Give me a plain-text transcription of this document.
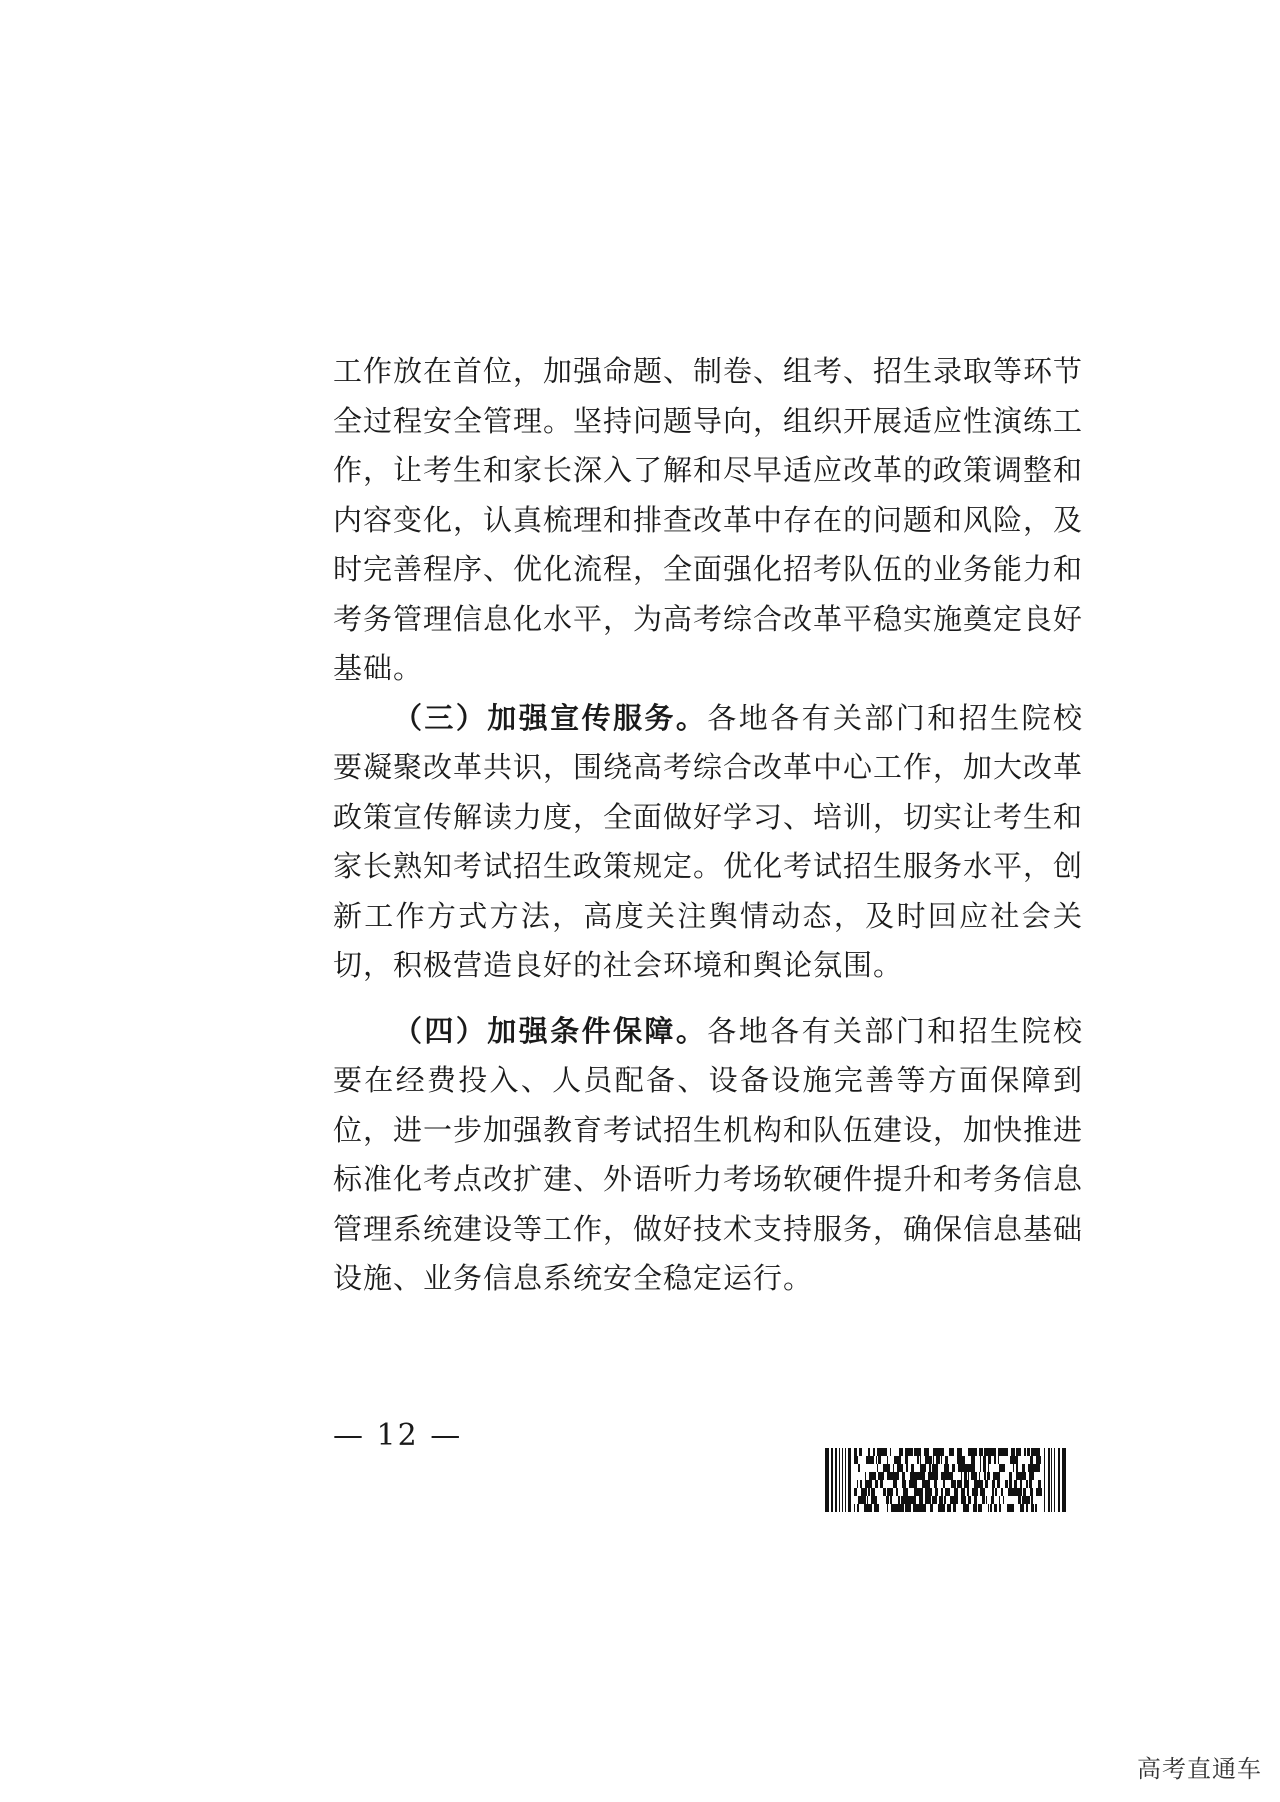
工作放在首位，加强命题、制卷、组考、招生录取等环节全过程安全管理。坚持问题导向，组织开展适应性演练工作，让考生和家长深入了解和尽早适应改革的政策调整和内容变化，认真梳理和排查改革中存在的问题和风险，及时完善程序、优化流程，全面强化招考队伍的业务能力和考务管理信息化水平，为高考综合改革平稳实施奠定良好基础。

（三）加强宣传服务。各地各有关部门和招生院校要凝聚改革共识，围绕高考综合改革中心工作，加大改革政策宣传解读力度，全面做好学习、培训，切实让考生和家长熟知考试招生政策规定。优化考试招生服务水平，创新工作方式方法，高度关注舆情动态，及时回应社会关切，积极营造良好的社会环境和舆论氛围。

（四）加强条件保障。各地各有关部门和招生院校要在经费投入、人员配备、设备设施完善等方面保障到位，进一步加强教育考试招生机构和队伍建设，加快推进标准化考点改扩建、外语听力考场软硬件提升和考务信息管理系统建设等工作，做好技术支持服务，确保信息基础设施、业务信息系统安全稳定运行。

— 12 —
高考直通车
